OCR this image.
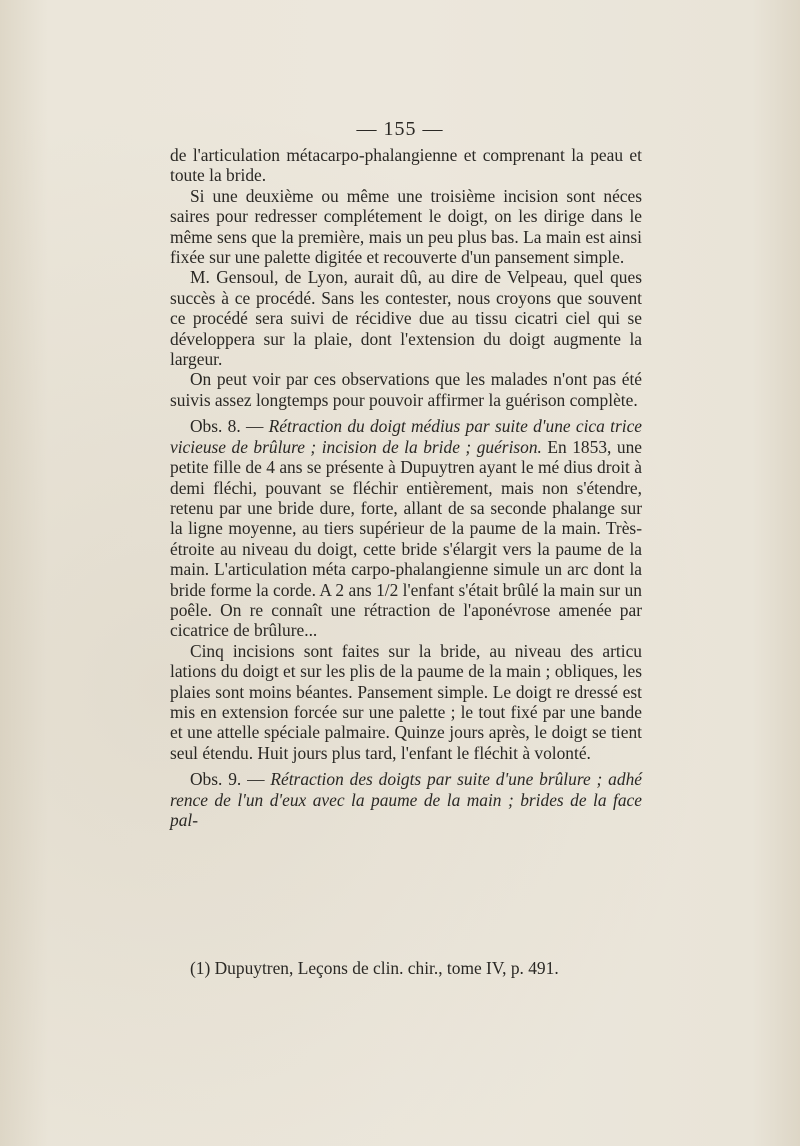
— 155 —

de l'articulation métacarpo-phalangienne et comprenant la peau et toute la bride.

Si une deuxième ou même une troisième incision sont néces saires pour redresser complétement le doigt, on les dirige dans le même sens que la première, mais un peu plus bas. La main est ainsi fixée sur une palette digitée et recouverte d'un pansement simple.

M. Gensoul, de Lyon, aurait dû, au dire de Velpeau, quel ques succès à ce procédé. Sans les contester, nous croyons que souvent ce procédé sera suivi de récidive due au tissu cicatri ciel qui se développera sur la plaie, dont l'extension du doigt augmente la largeur.

On peut voir par ces observations que les malades n'ont pas été suivis assez longtemps pour pouvoir affirmer la guérison complète.

Obs. 8. — Rétraction du doigt médius par suite d'une cica trice vicieuse de brûlure ; incision de la bride ; guérison. En 1853, une petite fille de 4 ans se présente à Dupuytren ayant le mé dius droit à demi fléchi, pouvant se fléchir entièrement, mais non s'étendre, retenu par une bride dure, forte, allant de sa seconde phalange sur la ligne moyenne, au tiers supérieur de la paume de la main. Très-étroite au niveau du doigt, cette bride s'élargit vers la paume de la main. L'articulation méta carpo-phalangienne simule un arc dont la bride forme la corde. A 2 ans 1/2 l'enfant s'était brûlé la main sur un poêle. On re connaît une rétraction de l'aponévrose amenée par cicatrice de brûlure...

Cinq incisions sont faites sur la bride, au niveau des articu lations du doigt et sur les plis de la paume de la main ; obliques, les plaies sont moins béantes. Pansement simple. Le doigt re dressé est mis en extension forcée sur une palette ; le tout fixé par une bande et une attelle spéciale palmaire. Quinze jours après, le doigt se tient seul étendu. Huit jours plus tard, l'enfant le fléchit à volonté.

Obs. 9. — Rétraction des doigts par suite d'une brûlure ; adhé rence de l'un d'eux avec la paume de la main ; brides de la face pal-

(1) Dupuytren, Leçons de clin. chir., tome IV, p. 491.
